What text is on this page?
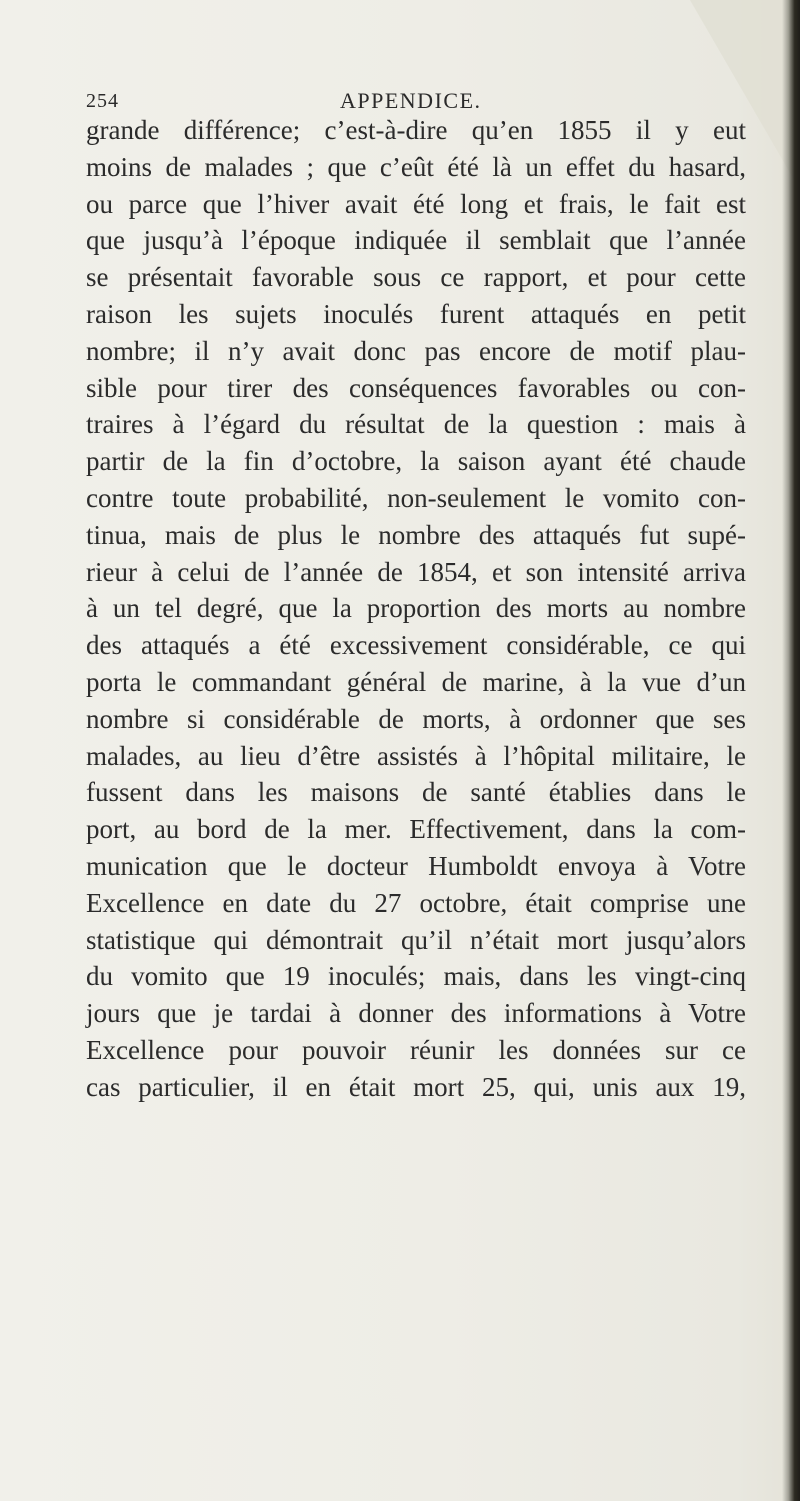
254	APPENDICE.
grande différence; c’est-à-dire qu’en 1855 il y eut
moins de malades ; que c’eût été là un effet du hasard,
ou parce que l’hiver avait été long et frais, le fait est
que jusqu’à l’époque indiquée il semblait que l’année
se présentait favorable sous ce rapport, et pour cette
raison les sujets inoculés furent attaqués en petit
nombre; il n’y avait donc pas encore de motif plau-
sible pour tirer des conséquences favorables ou con-
traires à l’égard du résultat de la question : mais à
partir de la fin d’octobre, la saison ayant été chaude
contre toute probabilité, non-seulement le vomito con-
tinua, mais de plus le nombre des attaqués fut supé-
rieur à celui de l’année de 1854, et son intensité arriva
à un tel degré, que la proportion des morts au nombre
des attaqués a été excessivement considérable, ce qui
porta le commandant général de marine, à la vue d’un
nombre si considérable de morts, à ordonner que ses
malades, au lieu d’être assistés à l’hôpital militaire, le
fussent dans les maisons de santé établies dans le
port, au bord de la mer. Effectivement, dans la com-
munication que le docteur Humboldt envoya à Votre
Excellence en date du 27 octobre, était comprise une
statistique qui démontrait qu’il n’était mort jusqu’alors
du vomito que 19 inoculés; mais, dans les vingt-cinq
jours que je tardai à donner des informations à Votre
Excellence pour pouvoir réunir les données sur ce
cas particulier, il en était mort 25, qui, unis aux 19,
